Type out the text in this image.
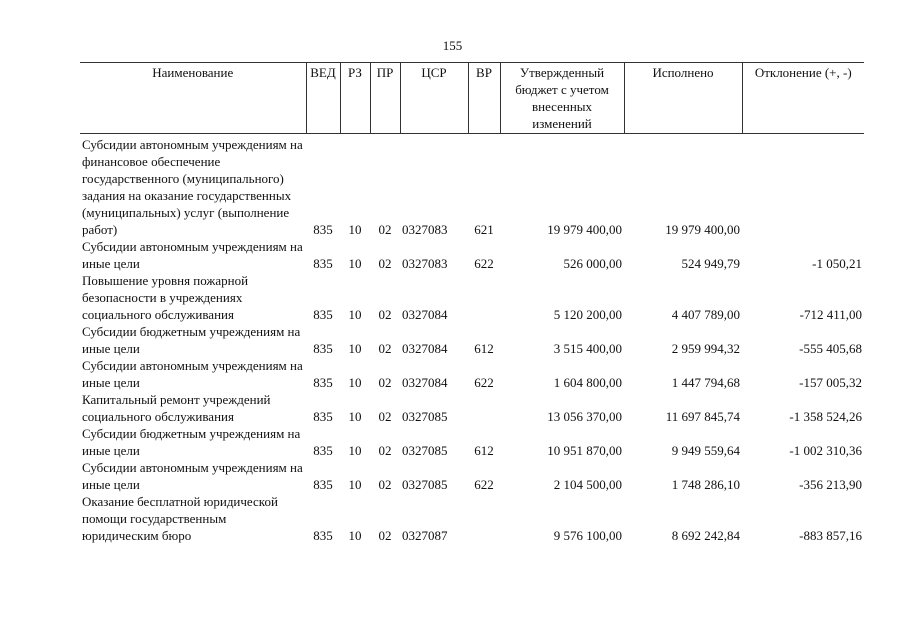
155
Наименование	ВЕД	РЗ	ПР	ЦСР	ВР	Утвержденный бюджет с учетом внесенных изменений	Исполнено	Отклонение (+, -)
Субсидии автономным учреждениям на финансовое обеспечение государственного (муниципального) задания на оказание государственных (муниципальных) услуг (выполнение работ)	835	10	02	0327083	621	19 979 400,00	19 979 400,00	
Субсидии автономным учреждениям на иные цели	835	10	02	0327083	622	526 000,00	524 949,79	-1 050,21
Повышение уровня пожарной безопасности в учреждениях социального обслуживания	835	10	02	0327084		5 120 200,00	4 407 789,00	-712 411,00
Субсидии бюджетным учреждениям на иные цели	835	10	02	0327084	612	3 515 400,00	2 959 994,32	-555 405,68
Субсидии автономным учреждениям на иные цели	835	10	02	0327084	622	1 604 800,00	1 447 794,68	-157 005,32
Капитальный ремонт учреждений социального обслуживания	835	10	02	0327085		13 056 370,00	11 697 845,74	-1 358 524,26
Субсидии бюджетным учреждениям на иные цели	835	10	02	0327085	612	10 951 870,00	9 949 559,64	-1 002 310,36
Субсидии автономным учреждениям на иные цели	835	10	02	0327085	622	2 104 500,00	1 748 286,10	-356 213,90
Оказание бесплатной юридической помощи государственным юридическим бюро	835	10	02	0327087		9 576 100,00	8 692 242,84	-883 857,16
